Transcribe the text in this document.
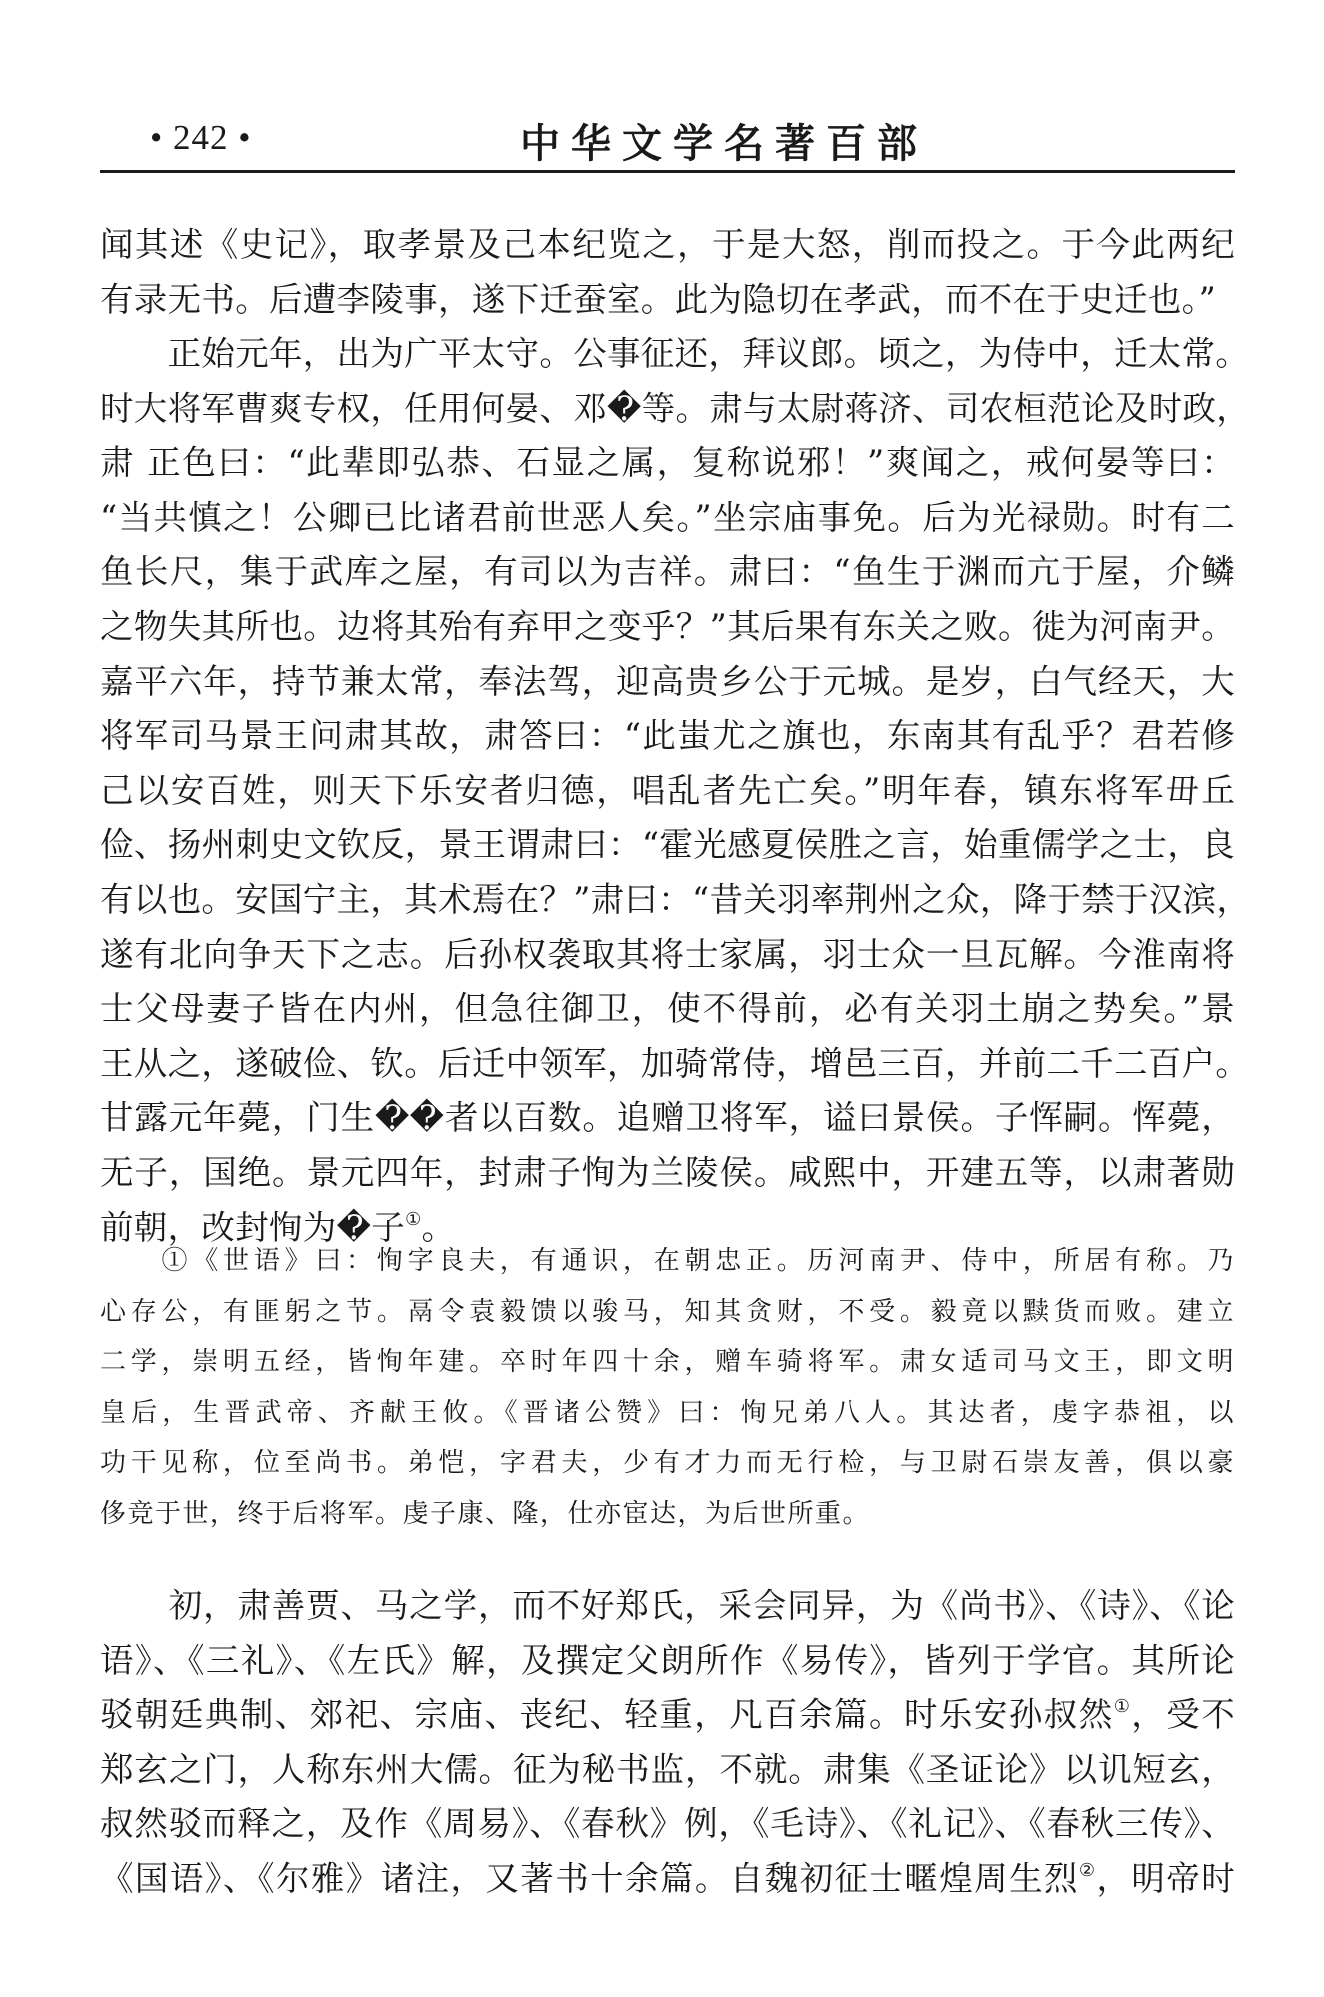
• 242 •	中华文学名著百部
闻其述《史记》，取孝景及己本纪览之，于是大怒，削而投之。于今此两纪
有录无书。后遭李陵事，遂下迁蚕室。此为隐切在孝武，而不在于史迁也。”
　　正始元年，出为广平太守。公事征还，拜议郎。顷之，为侍中，迁太常。
时大将军曹爽专权，任用何晏、邓�等。肃与太尉蒋济、司农桓范论及时政，
肃 正色曰：“此辈即弘恭、石显之属，复称说邪！”爽闻之，戒何晏等曰：
“当共慎之！公卿已比诸君前世恶人矣。”坐宗庙事免。后为光禄勋。时有二
鱼长尺，集于武库之屋，有司以为吉祥。肃曰：“鱼生于渊而亢于屋，介鳞
之物失其所也。边将其殆有弃甲之变乎？”其后果有东关之败。徙为河南尹。
嘉平六年，持节兼太常，奉法驾，迎高贵乡公于元城。是岁，白气经天，大
将军司马景王问肃其故，肃答曰：“此蚩尤之旗也，东南其有乱乎？君若修
己以安百姓，则天下乐安者归德，唱乱者先亡矣。”明年春，镇东将军毌丘
俭、扬州刺史文钦反，景王谓肃曰：“霍光感夏侯胜之言，始重儒学之士，良
有以也。安国宁主，其术焉在？”肃曰：“昔关羽率荆州之众，降于禁于汉滨，
遂有北向争天下之志。后孙权袭取其将士家属，羽士众一旦瓦解。今淮南将
士父母妻子皆在内州，但急往御卫，使不得前，必有关羽土崩之势矣。”景
王从之，遂破俭、钦。后迁中领军，加骑常侍，增邑三百，并前二千二百户。
甘露元年薨，门生��者以百数。追赠卫将军，谥曰景侯。子恽嗣。恽薨，
无子，国绝。景元四年，封肃子恂为兰陵侯。咸熙中，开建五等，以肃著勋
前朝，改封恂为�子①。
　　①《世语》曰：恂字良夫，有通识，在朝忠正。历河南尹、侍中，所居有称。乃
心存公，有匪躬之节。鬲令袁毅馈以骏马，知其贪财，不受。毅竟以黩货而败。建立
二学，崇明五经，皆恂年建。卒时年四十余，赠车骑将军。肃女适司马文王，即文明
皇后，生晋武帝、齐献王攸。《晋诸公赞》曰：恂兄弟八人。其达者，虔字恭祖，以
功干见称，位至尚书。弟恺，字君夫，少有才力而无行检，与卫尉石崇友善，俱以豪
侈竞于世，终于后将军。虔子康、隆，仕亦宦达，为后世所重。
　　初，肃善贾、马之学，而不好郑氏，采会同异，为《尚书》、《诗》、《论
语》、《三礼》、《左氏》解，及撰定父朗所作《易传》，皆列于学官。其所论
驳朝廷典制、郊祀、宗庙、丧纪、轻重，凡百余篇。时乐安孙叔然①，受不
郑玄之门，人称东州大儒。征为秘书监，不就。肃集《圣证论》以讥短玄，
叔然驳而释之，及作《周易》、《春秋》例，《毛诗》、《礼记》、《春秋三传》、
《国语》、《尔雅》诸注，又著书十余篇。自魏初征士暱煌周生烈②，明帝时
